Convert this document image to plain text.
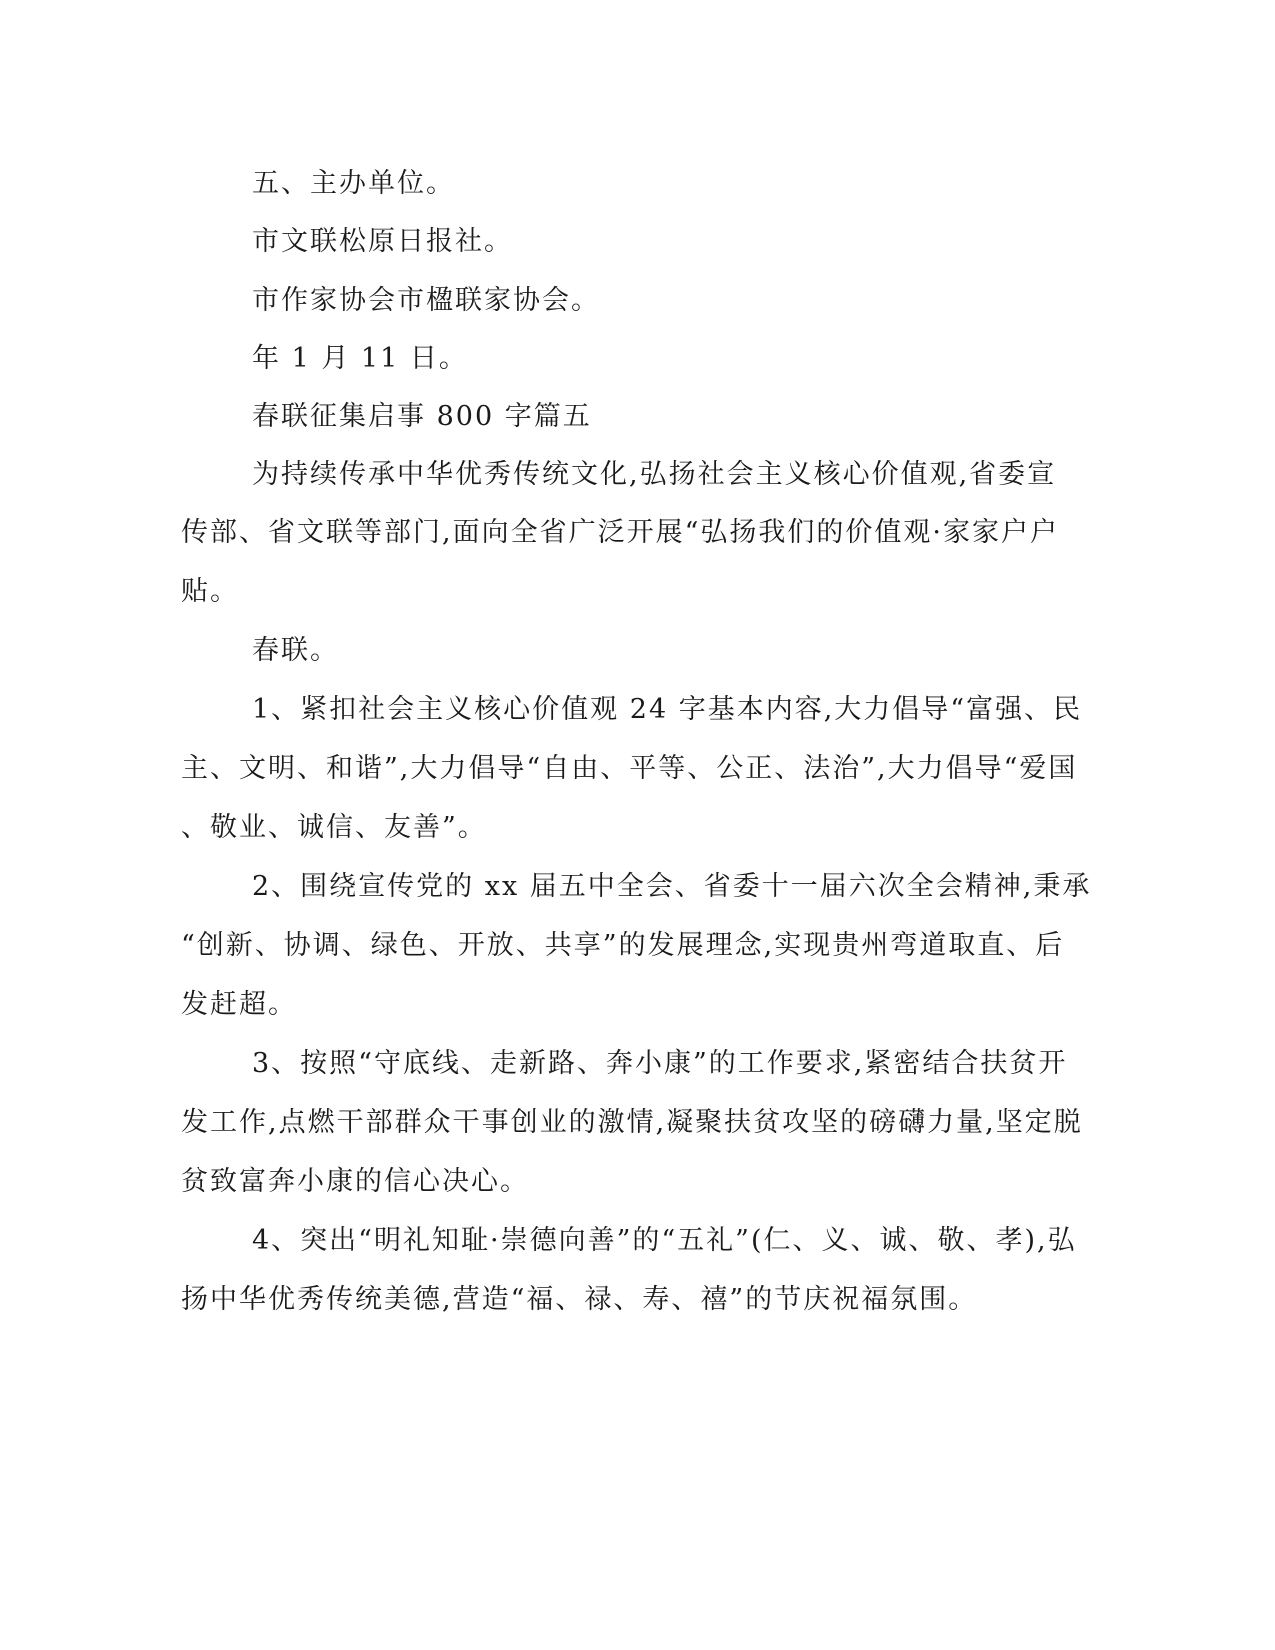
五、主办单位。
市文联松原日报社。
市作家协会市楹联家协会。
年 1 月 11 日。
春联征集启事 800 字篇五
为持续传承中华优秀传统文化,弘扬社会主义核心价值观,省委宣
传部、省文联等部门,面向全省广泛开展“弘扬我们的价值观·家家户户
贴。
春联。
1、紧扣社会主义核心价值观 24 字基本内容,大力倡导“富强、民
主、文明、和谐”,大力倡导“自由、平等、公正、法治”,大力倡导“爱国
、敬业、诚信、友善”。
2、围绕宣传党的 xx 届五中全会、省委十一届六次全会精神,秉承
“创新、协调、绿色、开放、共享”的发展理念,实现贵州弯道取直、后
发赶超。
3、按照“守底线、走新路、奔小康”的工作要求,紧密结合扶贫开
发工作,点燃干部群众干事创业的激情,凝聚扶贫攻坚的磅礴力量,坚定脱
贫致富奔小康的信心决心。
4、突出“明礼知耻·崇德向善”的“五礼”(仁、义、诚、敬、孝),弘
扬中华优秀传统美德,营造“福、禄、寿、禧”的节庆祝福氛围。
